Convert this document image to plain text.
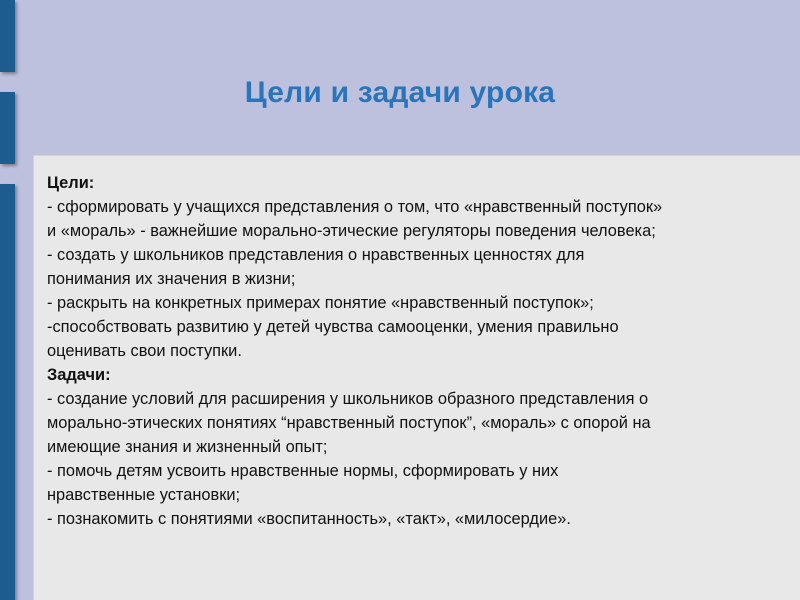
Цели и задачи урока
Цели:
- сформировать у учащихся представления о том, что «нравственный поступок»
и «мораль» - важнейшие морально-этические регуляторы поведения человека;
- создать у школьников представления о нравственных ценностях для
понимания их значения в жизни;
- раскрыть на конкретных примерах понятие «нравственный поступок»;
-способствовать развитию у детей чувства самооценки, умения правильно
оценивать свои поступки.
Задачи:
- создание условий для расширения у школьников образного представления о
морально-этических понятиях “нравственный поступок”, «мораль» с опорой на
имеющие знания и жизненный опыт;
- помочь детям усвоить нравственные нормы, сформировать у них
нравственные установки;
- познакомить с понятиями «воспитанность», «такт», «милосердие».
